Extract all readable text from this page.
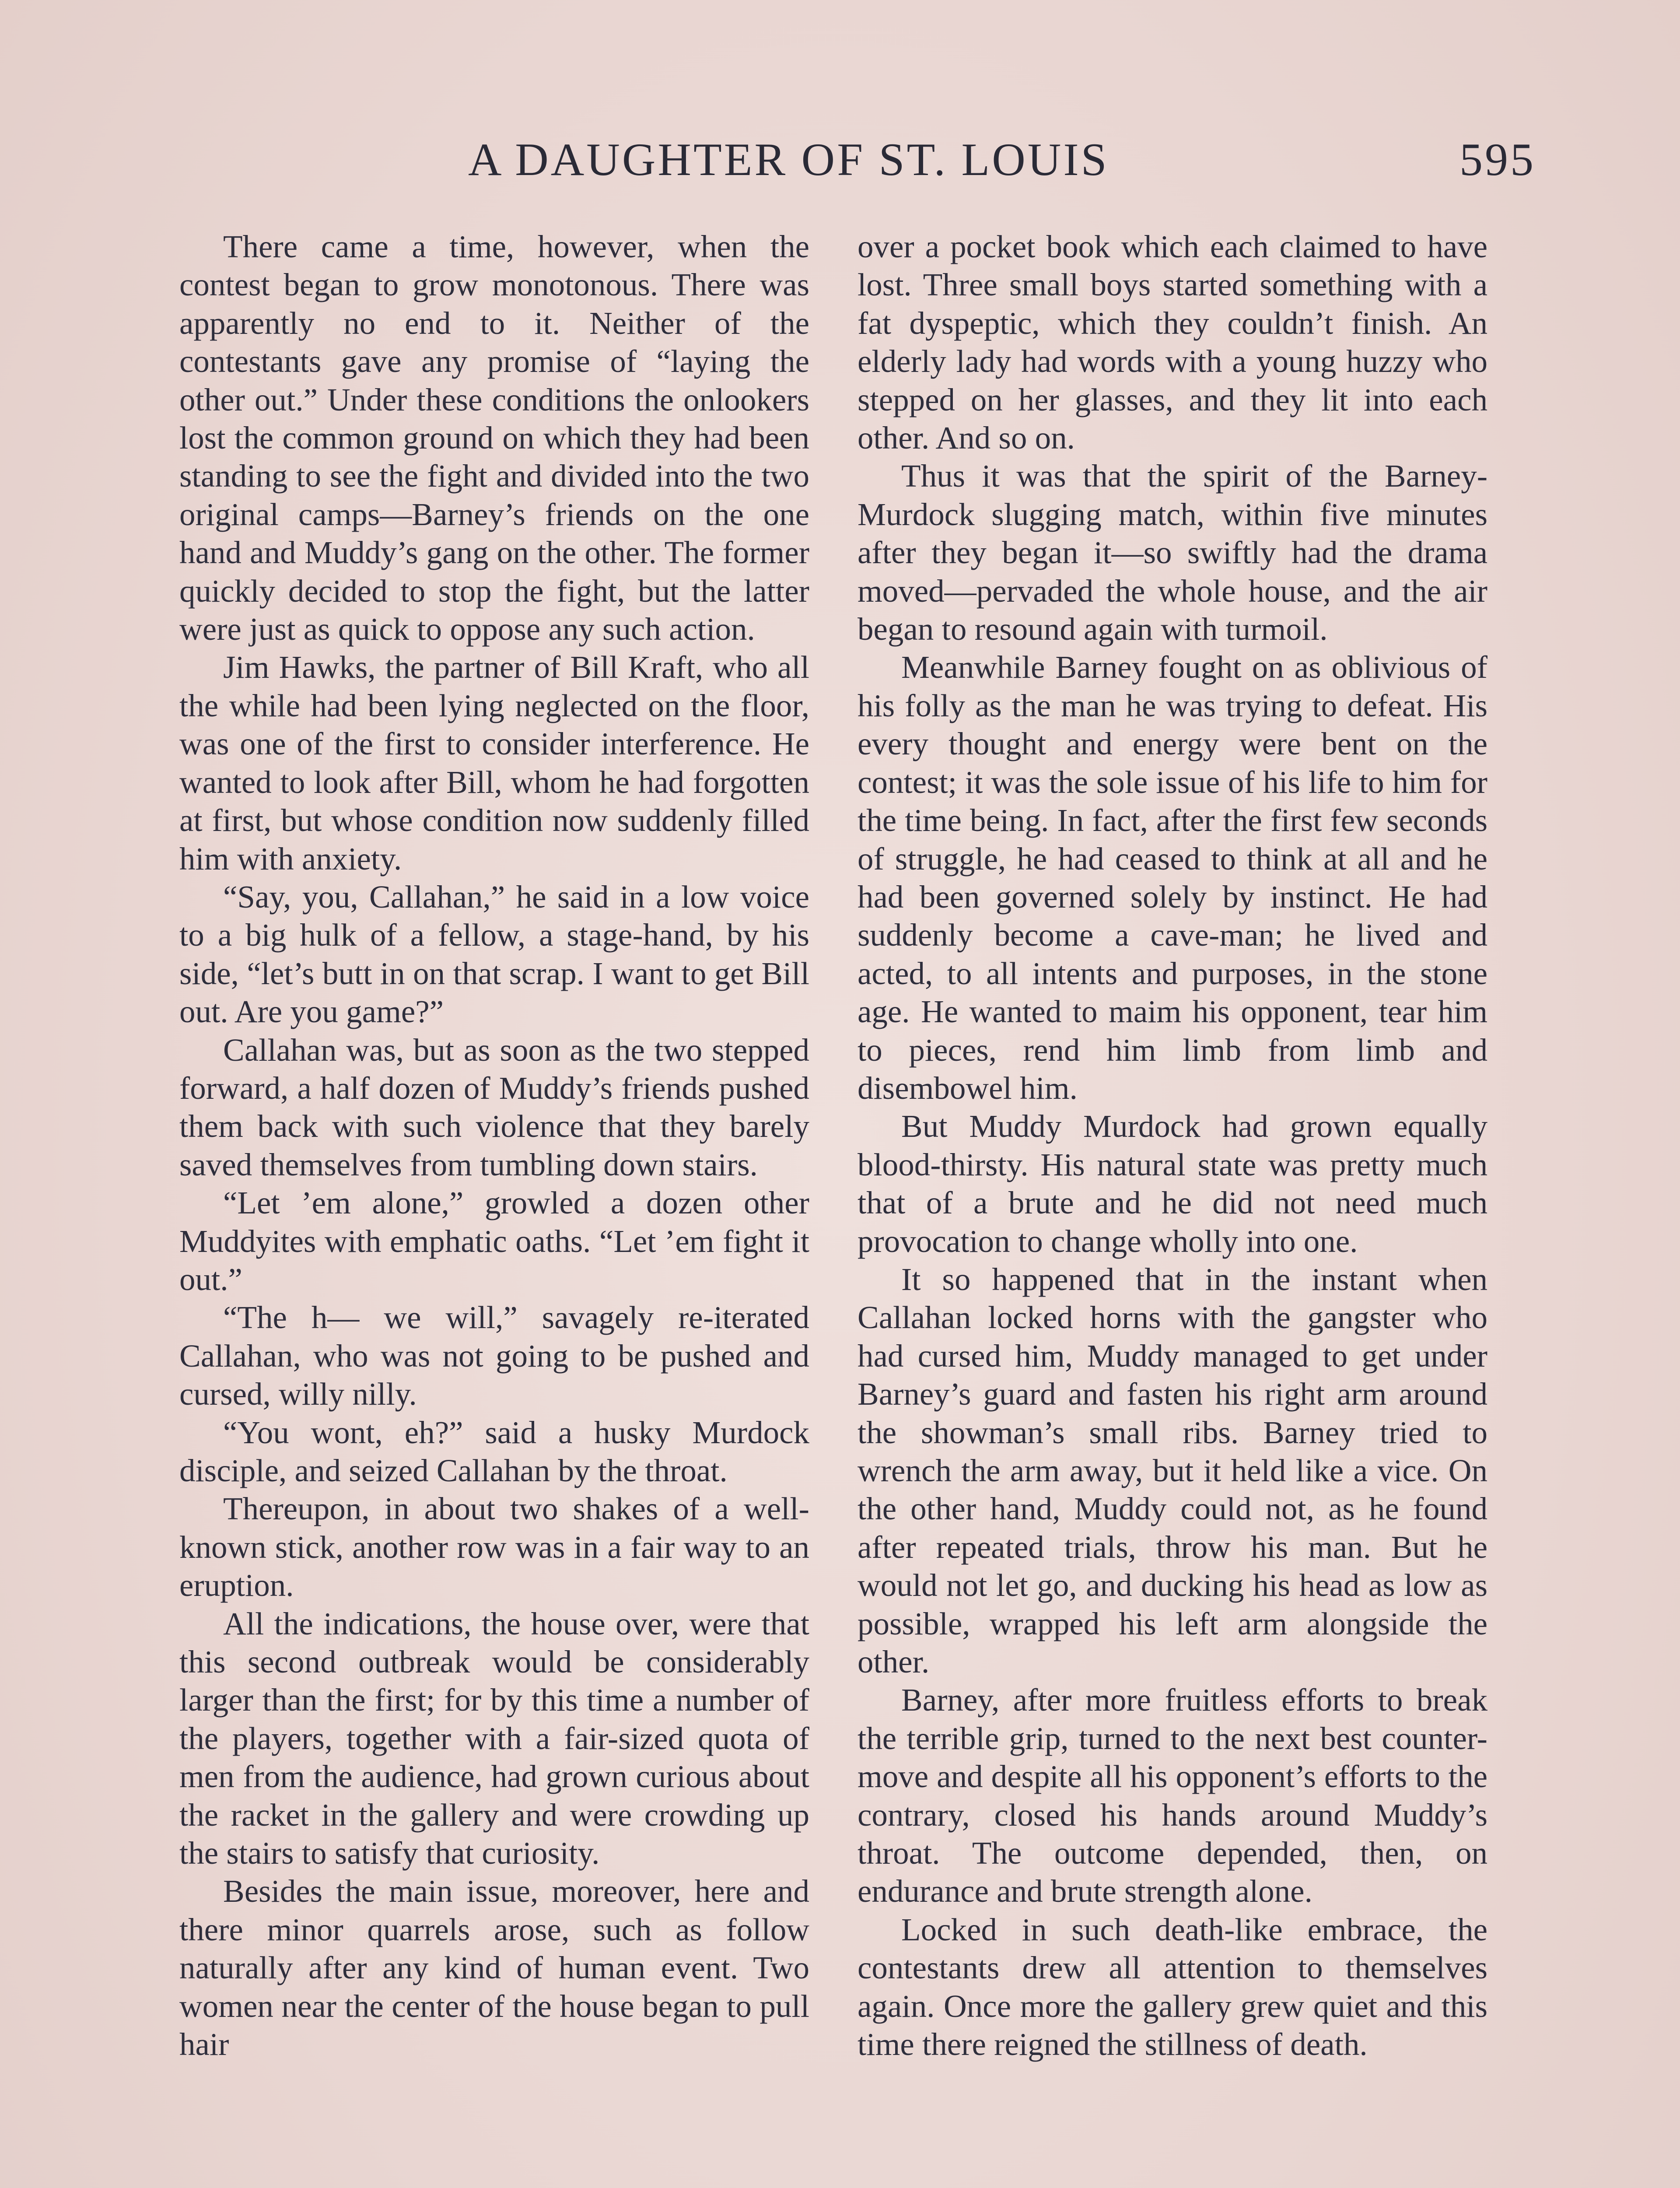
A DAUGHTER OF ST. LOUIS	595

There came a time, however, when the contest began to grow monotonous. There was apparently no end to it. Neither of the contestants gave any promise of “laying the other out.” Under these conditions the onlookers lost the common ground on which they had been standing to see the fight and divided into the two original camps—Barney’s friends on the one hand and Muddy’s gang on the other. The former quickly decided to stop the fight, but the latter were just as quick to oppose any such action.

Jim Hawks, the partner of Bill Kraft, who all the while had been lying neglected on the floor, was one of the first to consider interference. He wanted to look after Bill, whom he had forgotten at first, but whose condition now suddenly filled him with anxiety.

“Say, you, Callahan,” he said in a low voice to a big hulk of a fellow, a stage-hand, by his side, “let’s butt in on that scrap. I want to get Bill out. Are you game?”

Callahan was, but as soon as the two stepped forward, a half dozen of Muddy’s friends pushed them back with such violence that they barely saved themselves from tumbling down stairs.

“Let ’em alone,” growled a dozen other Muddyites with emphatic oaths. “Let ’em fight it out.”

“The h— we will,” savagely re-iterated Callahan, who was not going to be pushed and cursed, willy nilly.

“You wont, eh?” said a husky Murdock disciple, and seized Callahan by the throat.

Thereupon, in about two shakes of a well-known stick, another row was in a fair way to an eruption.

All the indications, the house over, were that this second outbreak would be considerably larger than the first; for by this time a number of the players, together with a fair-sized quota of men from the audience, had grown curious about the racket in the gallery and were crowding up the stairs to satisfy that curiosity.

Besides the main issue, moreover, here and there minor quarrels arose, such as follow naturally after any kind of human event. Two women near the center of the house began to pull hair

over a pocket book which each claimed to have lost. Three small boys started something with a fat dyspeptic, which they couldn’t finish. An elderly lady had words with a young huzzy who stepped on her glasses, and they lit into each other. And so on.

Thus it was that the spirit of the Barney-Murdock slugging match, within five minutes after they began it—so swiftly had the drama moved—pervaded the whole house, and the air began to resound again with turmoil.

Meanwhile Barney fought on as oblivious of his folly as the man he was trying to defeat. His every thought and energy were bent on the contest; it was the sole issue of his life to him for the time being. In fact, after the first few seconds of struggle, he had ceased to think at all and he had been governed solely by instinct. He had suddenly become a cave-man; he lived and acted, to all intents and purposes, in the stone age. He wanted to maim his opponent, tear him to pieces, rend him limb from limb and disembowel him.

But Muddy Murdock had grown equally blood-thirsty. His natural state was pretty much that of a brute and he did not need much provocation to change wholly into one.

It so happened that in the instant when Callahan locked horns with the gangster who had cursed him, Muddy managed to get under Barney’s guard and fasten his right arm around the showman’s small ribs. Barney tried to wrench the arm away, but it held like a vice. On the other hand, Muddy could not, as he found after repeated trials, throw his man. But he would not let go, and ducking his head as low as possible, wrapped his left arm alongside the other.

Barney, after more fruitless efforts to break the terrible grip, turned to the next best counter-move and despite all his opponent’s efforts to the contrary, closed his hands around Muddy’s throat. The outcome depended, then, on endurance and brute strength alone.

Locked in such death-like embrace, the contestants drew all attention to themselves again. Once more the gallery grew quiet and this time there reigned the stillness of death.
